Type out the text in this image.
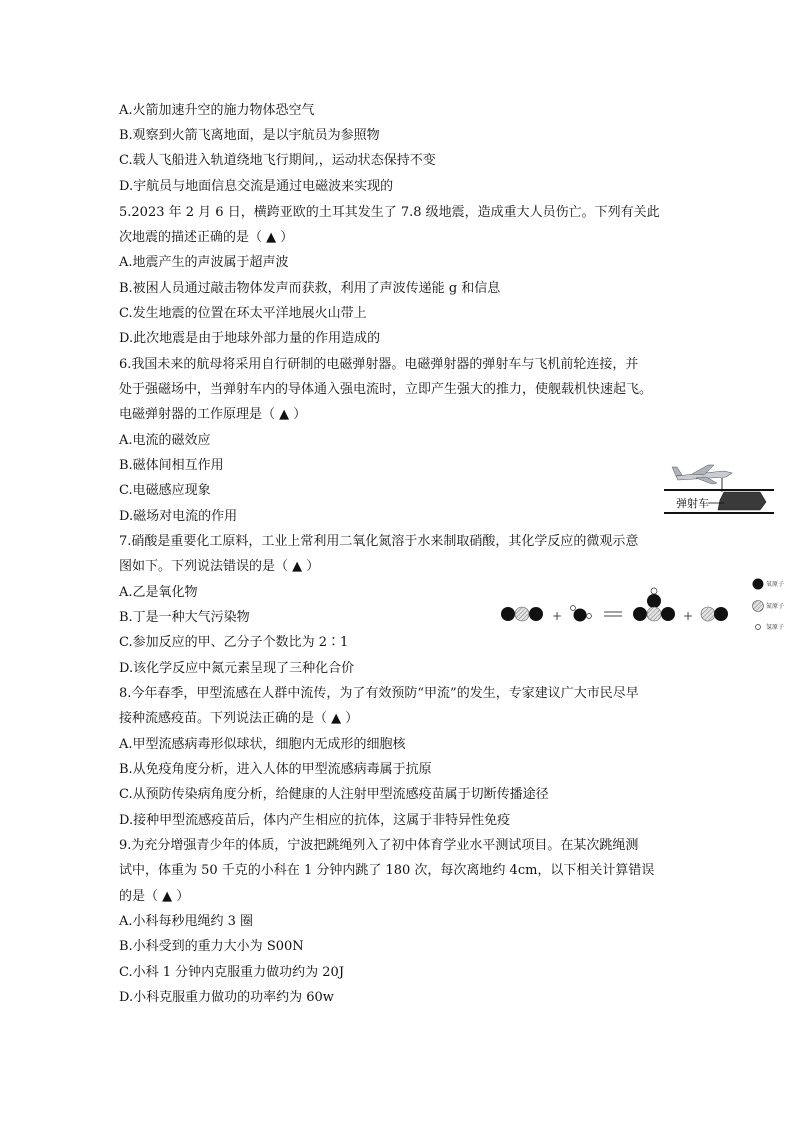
A.火箭加速升空的施力物体恐空气
B.观察到火箭飞离地面，是以宇航员为参照物
C.载人飞船进入轨道绕地飞行期间,，运动状态保持不变
D.宇航员与地面信息交流是通过电磁波来实现的
5.2023 年 2 月 6 日，横跨亚欧的土耳其发生了 7.8 级地震，造成重大人员伤亡。下列有关此
次地震的描述正确的是（ ▲ ）
A.地震产生的声波属于超声波
B.被困人员通过敲击物体发声而获救，利用了声波传递能 g 和信息
C.发生地震的位置在环太平洋地展火山带上
D.此次地震是由于地球外部力量的作用造成的
6.我国未来的航母将采用自行研制的电磁弹射器。电磁弹射器的弹射车与飞机前轮连接，并
处于强磁场中，当弹射车内的导体通入强电流时，立即产生强大的推力，使舰载机快速起飞。
电磁弹射器的工作原理是（ ▲ ）
A.电流的磁效应
B.磁体间相互作用
C.电磁感应现象
D.磁场对电流的作用
弹射车
7.硝酸是重要化工原料，工业上常利用二氧化氮溶于水来制取硝酸，其化学反应的微观示意
图如下。下列说法错误的是（ ▲ ）
A.乙是氧化物
B.丁是一种大气污染物
C.参加反应的甲、乙分子个数比为 2∶1
D.该化学反应中氮元素呈现了三种化合价
+	+
氧原子
氮原子
氢原子
8.今年春季，甲型流感在人群中流传，为了有效预防“甲流”的发生，专家建议广大市民尽早
接种流感疫苗。下列说法正确的是（ ▲ ）
A.甲型流感病毒形似球状，细胞内无成形的细胞核
B.从免疫角度分析，进入人体的甲型流感病毒属于抗原
C.从预防传染病角度分析，给健康的人注射甲型流感疫苗属于切断传播途径
D.接种甲型流感疫苗后，体内产生相应的抗体，这属于非特异性免疫
9.为充分增强青少年的体质，宁波把跳绳列入了初中体育学业水平测试项目。在某次跳绳测
试中，体重为 50 千克的小科在 1 分钟内跳了 180 次，每次离地约 4cm，以下相关计算错误
的是（ ▲ ）
A.小科每秒甩绳约 3 圈
B.小科受到的重力大小为 S00N
C.小科 1 分钟内克服重力做功约为 20J
D.小科克服重力做功的功率约为 60w
